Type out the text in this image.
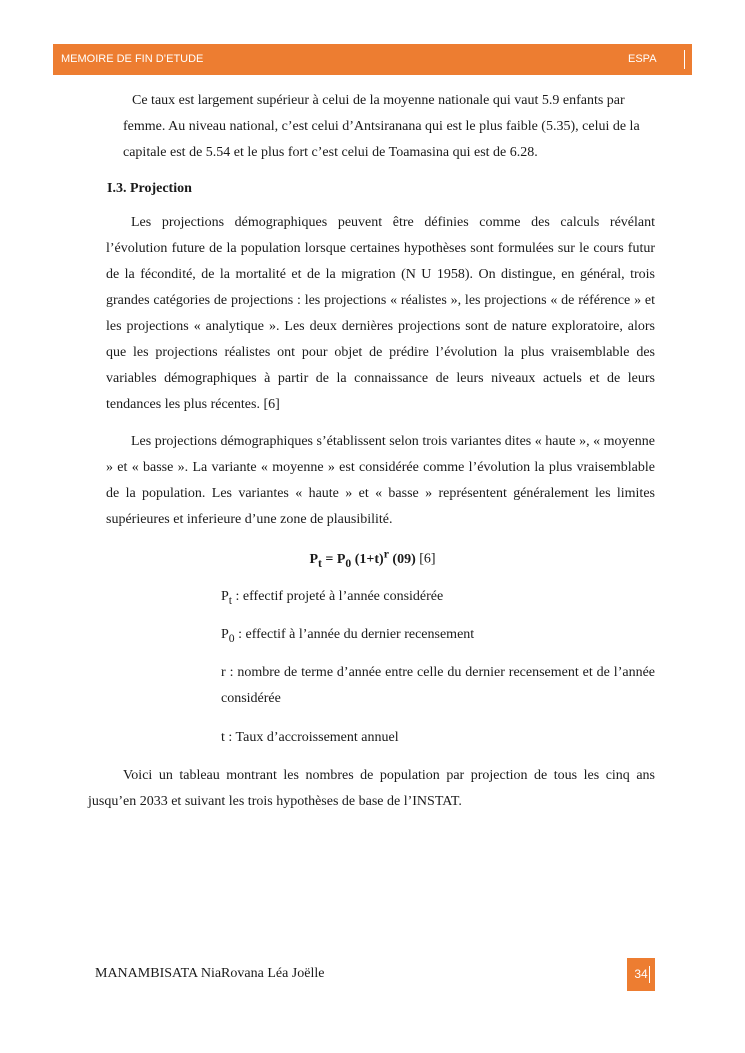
MEMOIRE DE FIN D’ETUDE	ESPA

Ce taux est largement supérieur à celui de la moyenne nationale qui vaut 5.9 enfants par femme. Au niveau national, c’est celui d’Antsiranana qui est le plus faible (5.35), celui de la capitale est de 5.54 et le plus fort c’est celui de Toamasina qui est de 6.28.

I.3. Projection

Les projections démographiques peuvent être définies comme des calculs révélant l’évolution future de la population lorsque certaines hypothèses sont formulées sur le cours futur de la fécondité, de la mortalité et de la migration (N U 1958). On distingue, en général, trois grandes catégories de projections : les projections « réalistes », les projections « de référence » et les projections « analytique ». Les deux dernières projections sont de nature exploratoire, alors que les projections réalistes ont pour objet de prédire l’évolution la plus vraisemblable des variables démographiques à partir de la connaissance de leurs niveaux actuels et de leurs tendances les plus récentes. [6]

Les projections démographiques s’établissent selon trois variantes dites « haute », « moyenne » et « basse ». La variante « moyenne » est considérée comme l’évolution la plus vraisemblable de la population. Les variantes « haute » et « basse » représentent généralement les limites supérieures et inferieure d’une zone de plausibilité.

$P_t = P_0$ $(1+t)^r$ (09) [6]
$P_t$ : effectif projeté à l’année considérée
$P_0$ : effectif à l’année du dernier recensement
r : nombre de terme d’année entre celle du dernier recensement et de l’année considérée
t : Taux d’accroissement annuel

Voici un tableau montrant les nombres de population par projection de tous les cinq ans jusqu’en 2033 et suivant les trois hypothèses de base de l’INSTAT.

MANAMBISATA NiaRovana Léa Joëlle	34
